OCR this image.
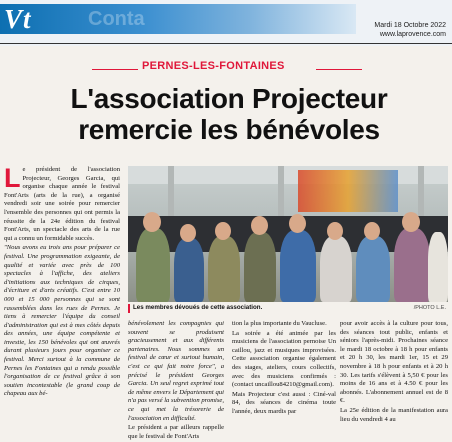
Vt	Conta	Mardi 18 Octobre 2022
www.laprovence.com
PERNES-LES-FONTAINES
L'association Projecteur
remercie les bénévoles

Le président de l'association Projecteur, Georges Garcia, qui organise chaque année le festival Font'Arts (arts de la rue), a organisé vendredi soir une soirée pour remercier l'ensemble des personnes qui ont permis la réussite de la 24e édition du festival Font'Arts, un spectacle des arts de la rue qui a connu un formidable succès.

"Nous avons eu trois ans pour préparer ce festival. Une programmation exigeante, de qualité et variée avec près de 100 spectacles à l'affiche, des ateliers d'initiations aux techniques de cirques, d'écriture et d'arts créatifs. C'est entre 10 000 et 15 000 personnes qui se sont rassemblées dans les rues de Pernes. Je tiens à remercier l'équipe du conseil d'administration qui est à mes côtés depuis des années, une équipe compétente et investie, les 150 bénévoles qui ont œuvrés durant plusieurs jours pour organiser ce festival. Merci surtout à la commune de Pernes les Fontaines qui a rendu possible l'organisation de ce festival grâce à son soutien incontestable (le grand coup de chapeau aux bé-

Les membres dévoués de cette association.	/PHOTO L.E.

bénévolement les compagnies qui souvent se produisent gracieusement et aux différents partenaires. Nous sommes un festival de cœur et surtout humain, c'est ce qui fait notre force", a précisé le président Georges Garcia. Un seul regret exprimé tout de même envers le Département qui n'a pas versé la subvention promise, ce qui met la trésorerie de l'association en difficulté.

Le président a par ailleurs rappelle que le festival de Font'Arts

tion la plus importante du Vaucluse.

La soirée a été animée par les musiciens de l'association pernoise Un caillou, jazz et musiques improvisées. Cette association organise également des stages, ateliers, cours collectifs, avec des musiciens confirmés : (contact uncaillou84210@gmail.com).

Mais Projecteur c'est aussi : Ciné-val 84, des séances de cinéma toute l'année, deux mardis par

pour avoir accès à la culture pour tous, des séances tout public, enfants et séniors l'après-midi. Prochaines séance le mardi 18 octobre à 18 h pour enfants et 20 h 30, les mardi 1er, 15 et 29 novembre à 18 h pour enfants et à 20 h 30. Les tarifs s'élèvent à 5,50 € pour les moins de 16 ans et à 4.50 € pour les abonnés. L'abonnement annuel est de 8 €.

La 25e édition de la manifestation aura lieu du vendredi 4 au
